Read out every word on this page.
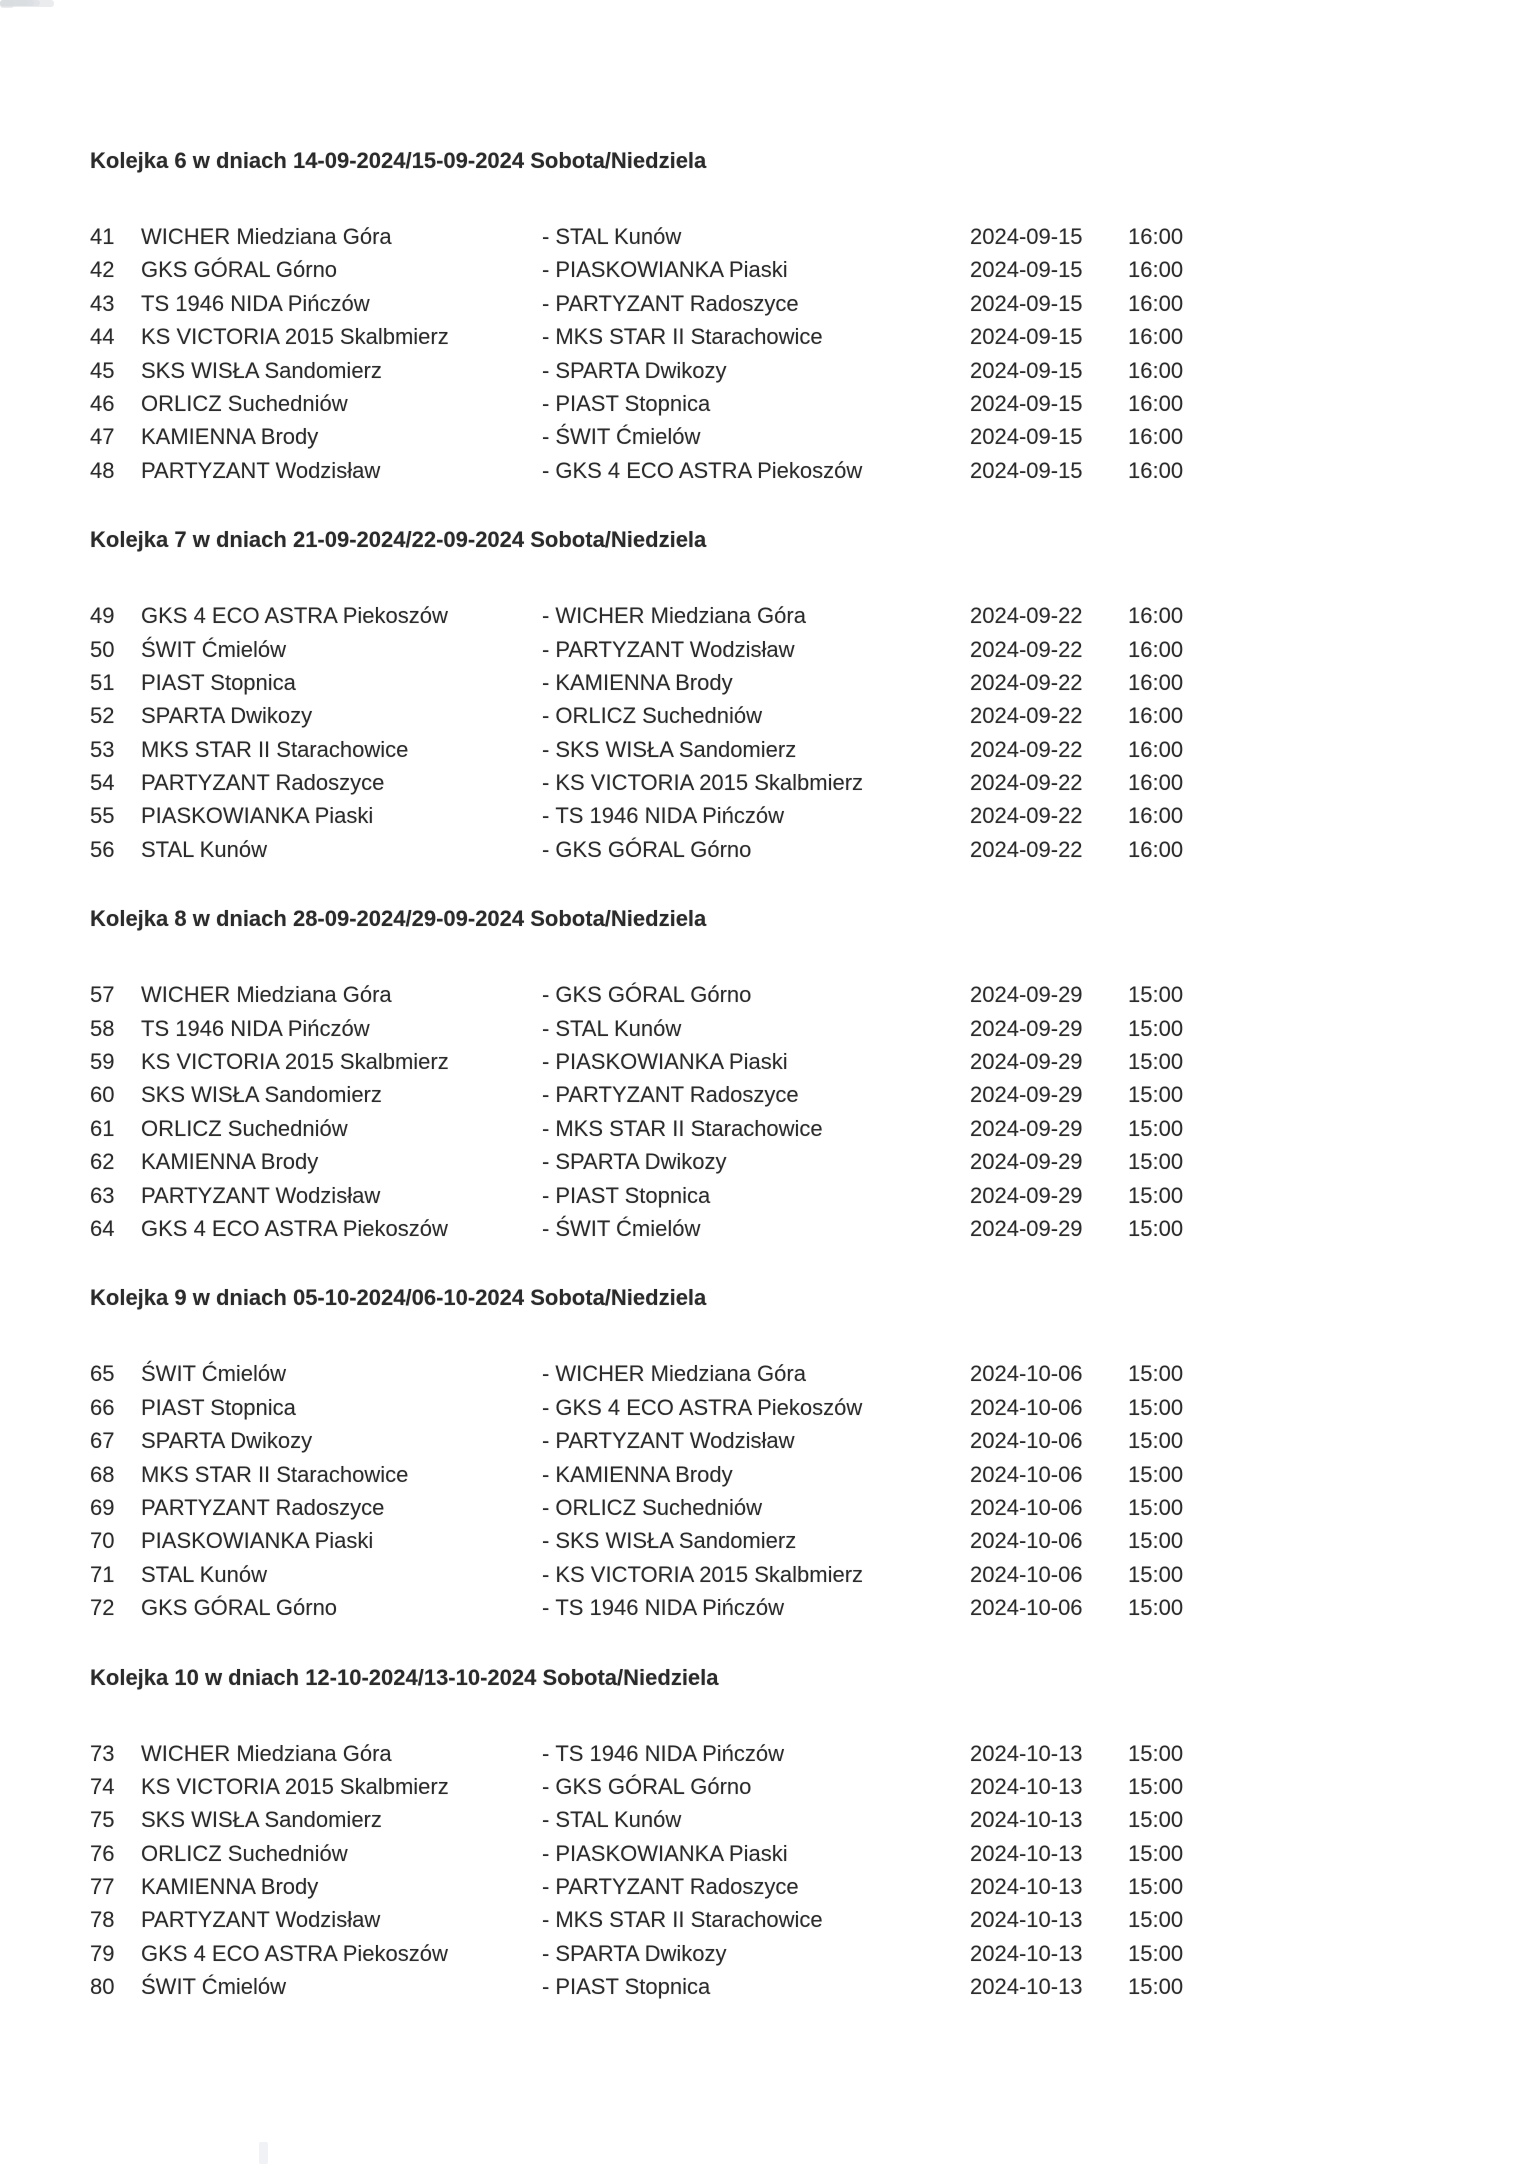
Kolejka 6 w dniach 14-09-2024/15-09-2024 Sobota/Niedziela
41 WICHER Miedziana Góra	- STAL Kunów	2024-09-15 16:00
42 GKS GÓRAL Górno	- PIASKOWIANKA Piaski	2024-09-15 16:00
43 TS 1946 NIDA Pińczów	- PARTYZANT Radoszyce	2024-09-15 16:00
44 KS VICTORIA 2015 Skalbmierz	- MKS STAR II Starachowice	2024-09-15 16:00
45 SKS WISŁA Sandomierz	- SPARTA Dwikozy	2024-09-15 16:00
46 ORLICZ Suchedniów	- PIAST Stopnica	2024-09-15 16:00
47 KAMIENNA Brody	- ŚWIT Ćmielów	2024-09-15 16:00
48 PARTYZANT Wodzisław	- GKS 4 ECO ASTRA Piekoszów	2024-09-15 16:00
Kolejka 7 w dniach 21-09-2024/22-09-2024 Sobota/Niedziela
49 GKS 4 ECO ASTRA Piekoszów	- WICHER Miedziana Góra	2024-09-22 16:00
50 ŚWIT Ćmielów	- PARTYZANT Wodzisław	2024-09-22 16:00
51 PIAST Stopnica	- KAMIENNA Brody	2024-09-22 16:00
52 SPARTA Dwikozy	- ORLICZ Suchedniów	2024-09-22 16:00
53 MKS STAR II Starachowice	- SKS WISŁA Sandomierz	2024-09-22 16:00
54 PARTYZANT Radoszyce	- KS VICTORIA 2015 Skalbmierz	2024-09-22 16:00
55 PIASKOWIANKA Piaski	- TS 1946 NIDA Pińczów	2024-09-22 16:00
56 STAL Kunów	- GKS GÓRAL Górno	2024-09-22 16:00
Kolejka 8 w dniach 28-09-2024/29-09-2024 Sobota/Niedziela
57 WICHER Miedziana Góra	- GKS GÓRAL Górno	2024-09-29 15:00
58 TS 1946 NIDA Pińczów	- STAL Kunów	2024-09-29 15:00
59 KS VICTORIA 2015 Skalbmierz	- PIASKOWIANKA Piaski	2024-09-29 15:00
60 SKS WISŁA Sandomierz	- PARTYZANT Radoszyce	2024-09-29 15:00
61 ORLICZ Suchedniów	- MKS STAR II Starachowice	2024-09-29 15:00
62 KAMIENNA Brody	- SPARTA Dwikozy	2024-09-29 15:00
63 PARTYZANT Wodzisław	- PIAST Stopnica	2024-09-29 15:00
64 GKS 4 ECO ASTRA Piekoszów	- ŚWIT Ćmielów	2024-09-29 15:00
Kolejka 9 w dniach 05-10-2024/06-10-2024 Sobota/Niedziela
65 ŚWIT Ćmielów	- WICHER Miedziana Góra	2024-10-06 15:00
66 PIAST Stopnica	- GKS 4 ECO ASTRA Piekoszów	2024-10-06 15:00
67 SPARTA Dwikozy	- PARTYZANT Wodzisław	2024-10-06 15:00
68 MKS STAR II Starachowice	- KAMIENNA Brody	2024-10-06 15:00
69 PARTYZANT Radoszyce	- ORLICZ Suchedniów	2024-10-06 15:00
70 PIASKOWIANKA Piaski	- SKS WISŁA Sandomierz	2024-10-06 15:00
71 STAL Kunów	- KS VICTORIA 2015 Skalbmierz	2024-10-06 15:00
72 GKS GÓRAL Górno	- TS 1946 NIDA Pińczów	2024-10-06 15:00
Kolejka 10 w dniach 12-10-2024/13-10-2024 Sobota/Niedziela
73 WICHER Miedziana Góra	- TS 1946 NIDA Pińczów	2024-10-13 15:00
74 KS VICTORIA 2015 Skalbmierz	- GKS GÓRAL Górno	2024-10-13 15:00
75 SKS WISŁA Sandomierz	- STAL Kunów	2024-10-13 15:00
76 ORLICZ Suchedniów	- PIASKOWIANKA Piaski	2024-10-13 15:00
77 KAMIENNA Brody	- PARTYZANT Radoszyce	2024-10-13 15:00
78 PARTYZANT Wodzisław	- MKS STAR II Starachowice	2024-10-13 15:00
79 GKS 4 ECO ASTRA Piekoszów	- SPARTA Dwikozy	2024-10-13 15:00
80 ŚWIT Ćmielów	- PIAST Stopnica	2024-10-13 15:00
